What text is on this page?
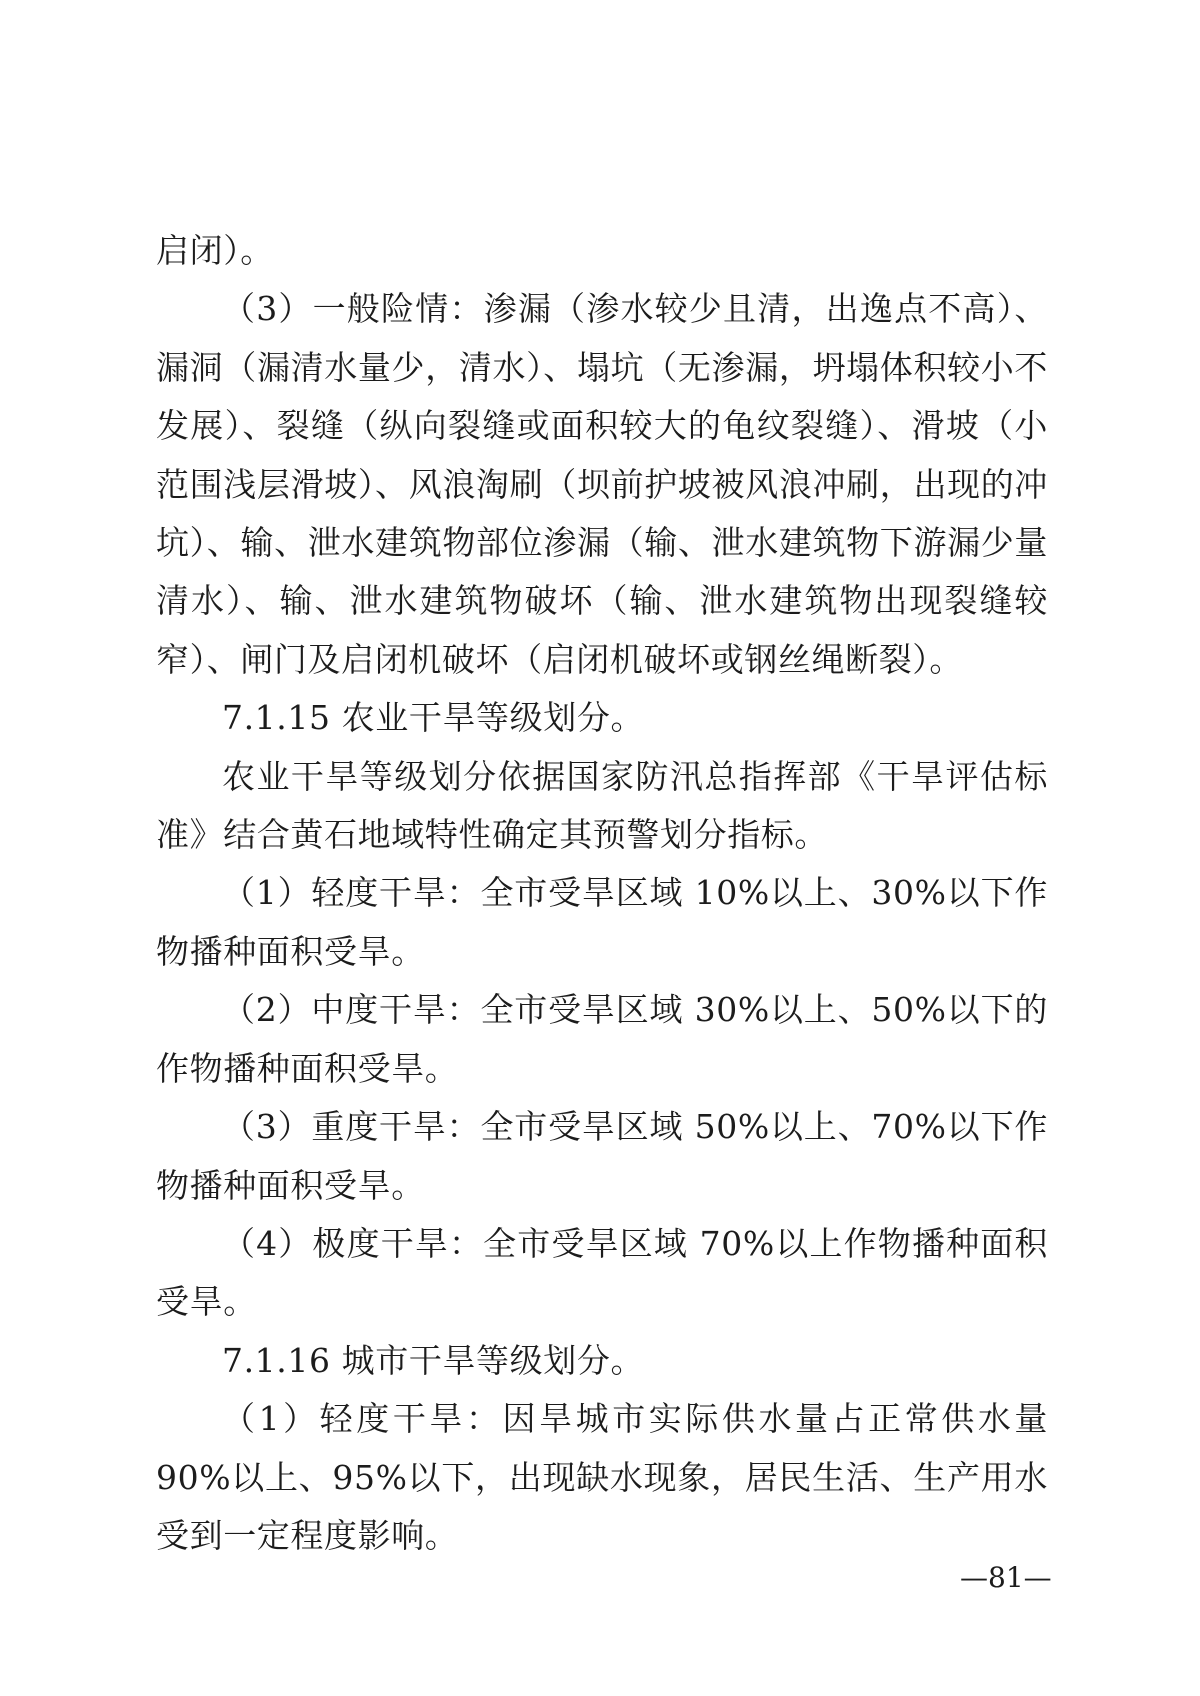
启闭）。

（3）一般险情：渗漏（渗水较少且清，出逸点不高）、漏洞（漏清水量少，清水）、塌坑（无渗漏，坍塌体积较小不发展）、裂缝（纵向裂缝或面积较大的龟纹裂缝）、滑坡（小范围浅层滑坡）、风浪淘刷（坝前护坡被风浪冲刷，出现的冲坑）、输、泄水建筑物部位渗漏（输、泄水建筑物下游漏少量清水）、输、泄水建筑物破坏（输、泄水建筑物出现裂缝较窄）、闸门及启闭机破坏（启闭机破坏或钢丝绳断裂）。

7.1.15 农业干旱等级划分。

农业干旱等级划分依据国家防汛总指挥部《干旱评估标准》结合黄石地域特性确定其预警划分指标。

（1）轻度干旱：全市受旱区域 10%以上、30%以下作物播种面积受旱。

（2）中度干旱：全市受旱区域 30%以上、50%以下的作物播种面积受旱。

（3）重度干旱：全市受旱区域 50%以上、70%以下作物播种面积受旱。

（4）极度干旱：全市受旱区域 70%以上作物播种面积受旱。

7.1.16 城市干旱等级划分。

（1）轻度干旱：因旱城市实际供水量占正常供水量 90%以上、95%以下，出现缺水现象，居民生活、生产用水受到一定程度影响。

—81—
